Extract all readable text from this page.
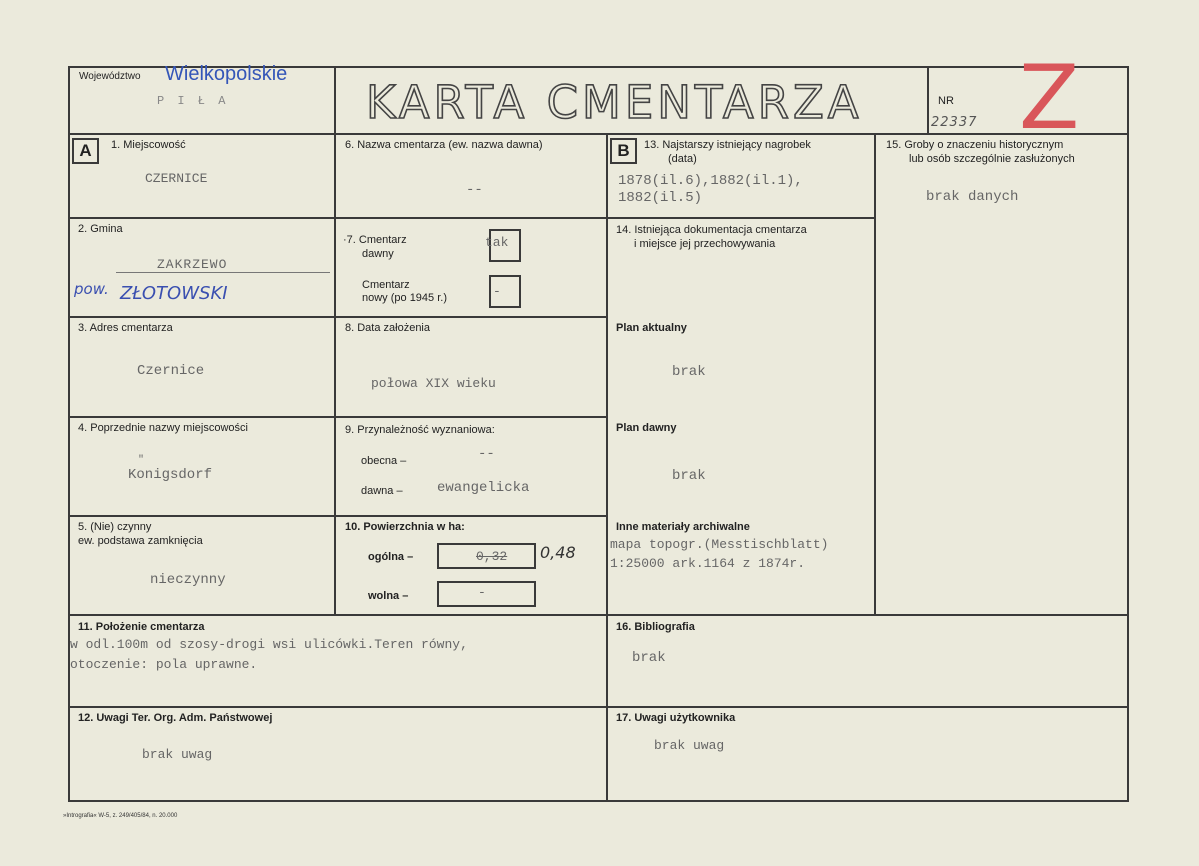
Województwo Wielkopolskie
P I Ł A	KARTA CMENTARZA	NR
22337 Z
A	B
1. Miejscowość
CZERNICE
2. Gmina
ZAKRZEWO
pow. ZŁOTOWSKI
3. Adres cmentarza
Czernice
4. Poprzednie nazwy miejscowości
"
Konigsdorf
5. (Nie) czynny
ew. podstawa zamknięcia
nieczynny
6. Nazwa cmentarza (ew. nazwa dawna)
--
·7. Cmentarz
dawny
tak
Cmentarz
nowy (po 1945 r.)	-
8. Data założenia
połowa XIX wieku
9. Przynależność wyznaniowa:
obecna –	--
dawna – ewangelicka
10. Powierzchnia w ha:
ogólna –	0,32 0,48
wolna –	-
11. Położenie cmentarza
w odl.100m od szosy-drogi wsi ulicówki.Teren równy,
otoczenie: pola uprawne.
12. Uwagi Ter. Org. Adm. Państwowej
brak uwag
13. Najstarszy istniejący nagrobek
(data)
1878(il.6),1882(il.1),
1882(il.5)
14. Istniejąca dokumentacja cmentarza
i miejsce jej przechowywania
Plan aktualny
brak
Plan dawny
brak
Inne materiały archiwalne
mapa topogr.(Messtischblatt)
1:25000 ark.1164 z 1874r.
15. Groby o znaczeniu historycznym
lub osób szczególnie zasłużonych
brak danych
16. Bibliografia
brak
17. Uwagi użytkownika
brak uwag
»Intrografia« W-5, z. 249/405/84, n. 20.000
